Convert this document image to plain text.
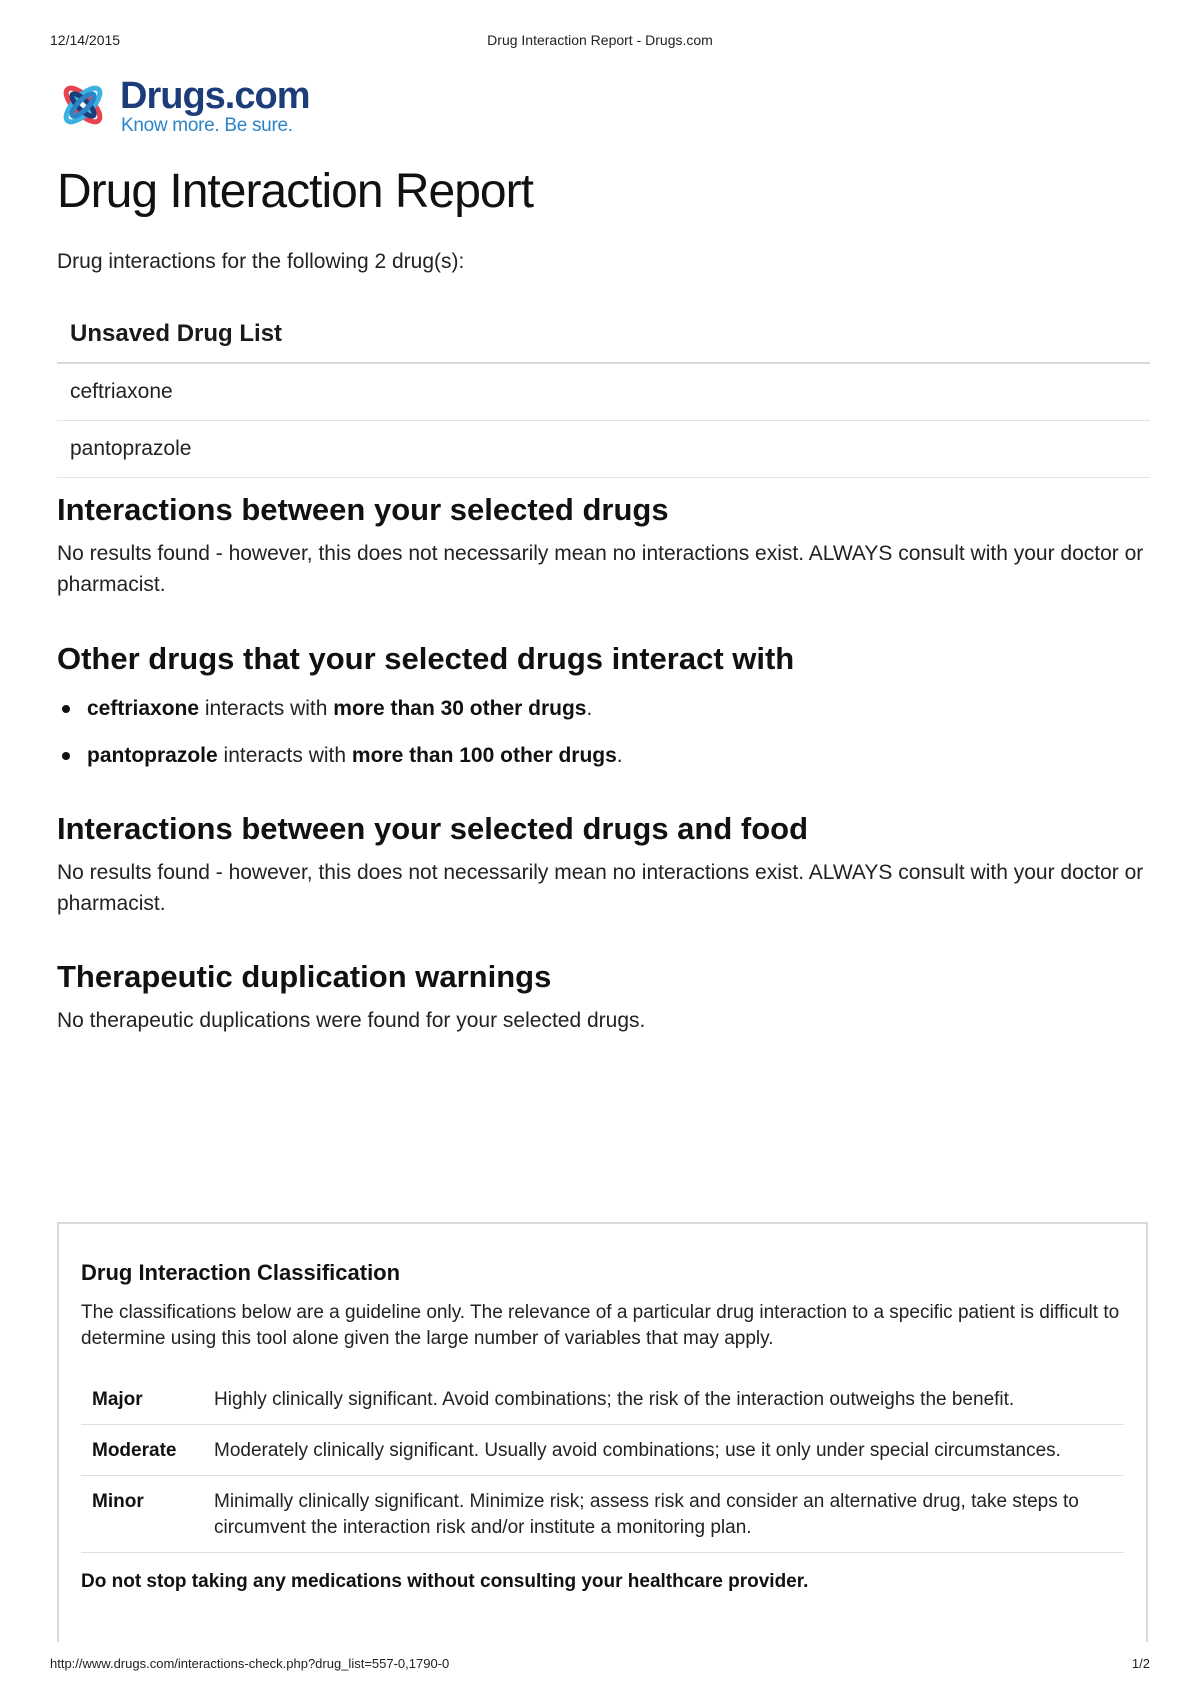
12/14/2015	Drug Interaction Report - Drugs.com
Drugs.com
Know more. Be sure.
Drug Interaction Report
Drug interactions for the following 2 drug(s):
Unsaved Drug List
ceftriaxone
pantoprazole
Interactions between your selected drugs

No results found - however, this does not necessarily mean no interactions exist. ALWAYS consult with your doctor or pharmacist.

Other drugs that your selected drugs interact with
ceftriaxone interacts with more than 30 other drugs.
pantoprazole interacts with more than 100 other drugs.
Interactions between your selected drugs and food

No results found - however, this does not necessarily mean no interactions exist. ALWAYS consult with your doctor or pharmacist.

Therapeutic duplication warnings

No therapeutic duplications were found for your selected drugs.

Drug Interaction Classification

The classifications below are a guideline only. The relevance of a particular drug interaction to a specific patient is difficult to determine using this tool alone given the large number of variables that may apply.

Major	Highly clinically significant. Avoid combinations; the risk of the interaction outweighs the benefit.
Moderate	Moderately clinically significant. Usually avoid combinations; use it only under special circumstances.
Minor	Minimally clinically significant. Minimize risk; assess risk and consider an alternative drug, take steps to circumvent the interaction risk and/or institute a monitoring plan.

Do not stop taking any medications without consulting your healthcare provider.

http://www.drugs.com/interactions-check.php?drug_list=557-0,1790-0	1/2
